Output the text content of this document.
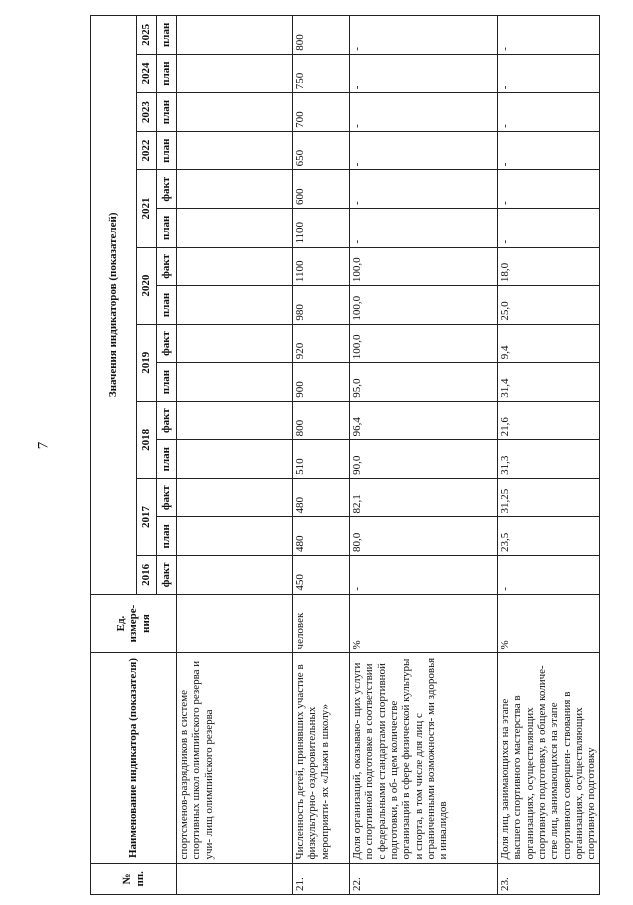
7
№ пп.	Наименование индикатора (показателя)	Ед. измере- ния	Значения индикаторов (показателей)														
			2016	2017		2018		2019		2020		2021		2022	2023	2024	2025
			факт	план	факт	план	факт	план	факт	план	факт	план	факт	план	план	план	план
	спортсменов-разрядников в системе спортивных школ олимпийского резерва и учи- лищ олимпийского резерва																
21.	Численность детей, принявших участие в физкультурно- оздоровительных мероприяти- ях «Лыжи в школу»	человек	450	480	480	510	800	900	920	980	1100	1100	600	650	700	750	800
22.	Доля организаций, оказываю- щих услуги по спортивной подготовке в соответствии с федеральными стандартами спортивной подготовки, в об- щем количестве организаций в сфере физической культуры и спорта, в том числе для лиц с ограниченными возможностя- ми здоровья и инвалидов	%	-	80,0	82,1	90,0	96,4	95,0	100,0	100,0	100,0	-	-	-	-	-	-
23.	Доля лиц, занимающихся на этапе высшего спортивного мастерства в организациях, осуществляющих спортивную подготовку, в общем количе- стве лиц, занимающихся на этапе спортивного совершен- ствования в организациях, осуществляющих спортивную подготовку	%	-	23,5	31,25	31,3	21,6	31,4	9,4	25,0	18,0	-	-	-	-	-	-
